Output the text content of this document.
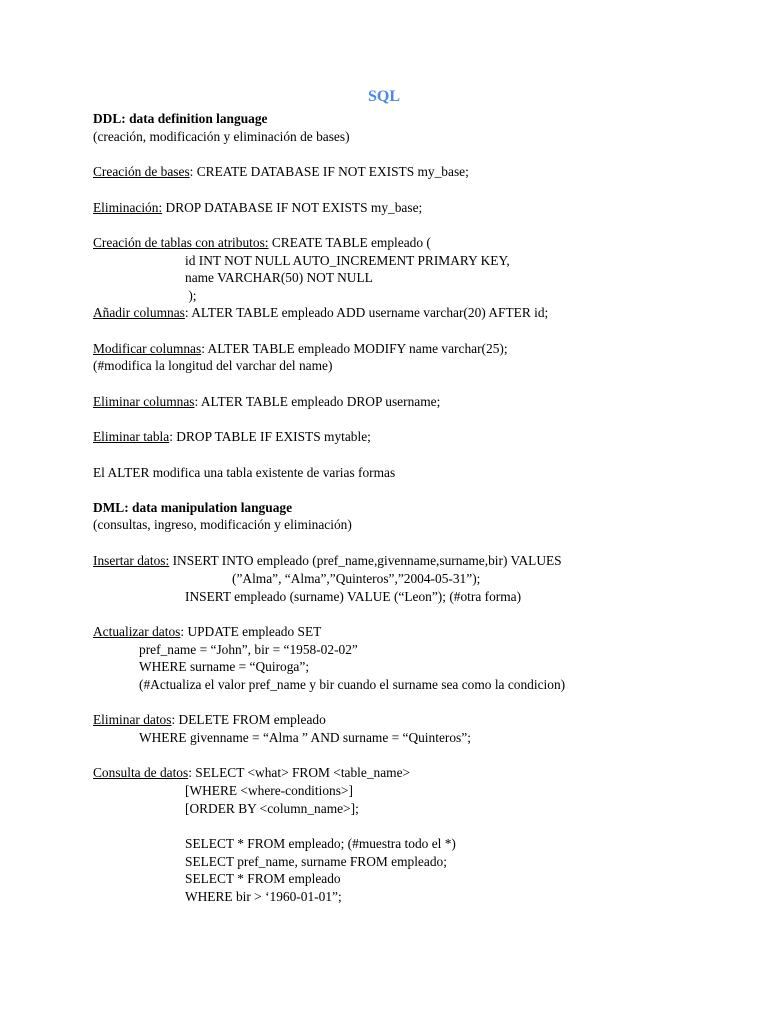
SQL
DDL: data definition language
(creación, modificación y eliminación de bases)
Creación de bases: CREATE DATABASE IF NOT EXISTS my_base;
Eliminación: DROP DATABASE IF NOT EXISTS my_base;
Creación de tablas con atributos: CREATE TABLE empleado (
id INT NOT NULL AUTO_INCREMENT PRIMARY KEY,
name VARCHAR(50) NOT NULL
);
Añadir columnas: ALTER TABLE empleado ADD username varchar(20) AFTER id;
Modificar columnas: ALTER TABLE empleado MODIFY name varchar(25);
(#modifica la longitud del varchar del name)
Eliminar columnas: ALTER TABLE empleado DROP username;
Eliminar tabla: DROP TABLE IF EXISTS mytable;
El ALTER modifica una tabla existente de varias formas
DML: data manipulation language
(consultas, ingreso, modificación y eliminación)
Insertar datos: INSERT INTO empleado (pref_name,givenname,surname,bir) VALUES
(”Alma”, “Alma”,”Quinteros”,”2004-05-31”);
INSERT empleado (surname) VALUE (“Leon”); (#otra forma)
Actualizar datos: UPDATE empleado SET
pref_name = “John”, bir = “1958-02-02”
WHERE surname = “Quiroga”;
(#Actualiza el valor pref_name y bir cuando el surname sea como la condicion)
Eliminar datos: DELETE FROM empleado
WHERE givenname = “Alma ” AND surname = “Quinteros”;
Consulta de datos: SELECT <what> FROM <table_name>
[WHERE <where-conditions>]
[ORDER BY <column_name>];
SELECT * FROM empleado; (#muestra todo el *)
SELECT pref_name, surname FROM empleado;
SELECT * FROM empleado
WHERE bir > ‘1960-01-01”;
